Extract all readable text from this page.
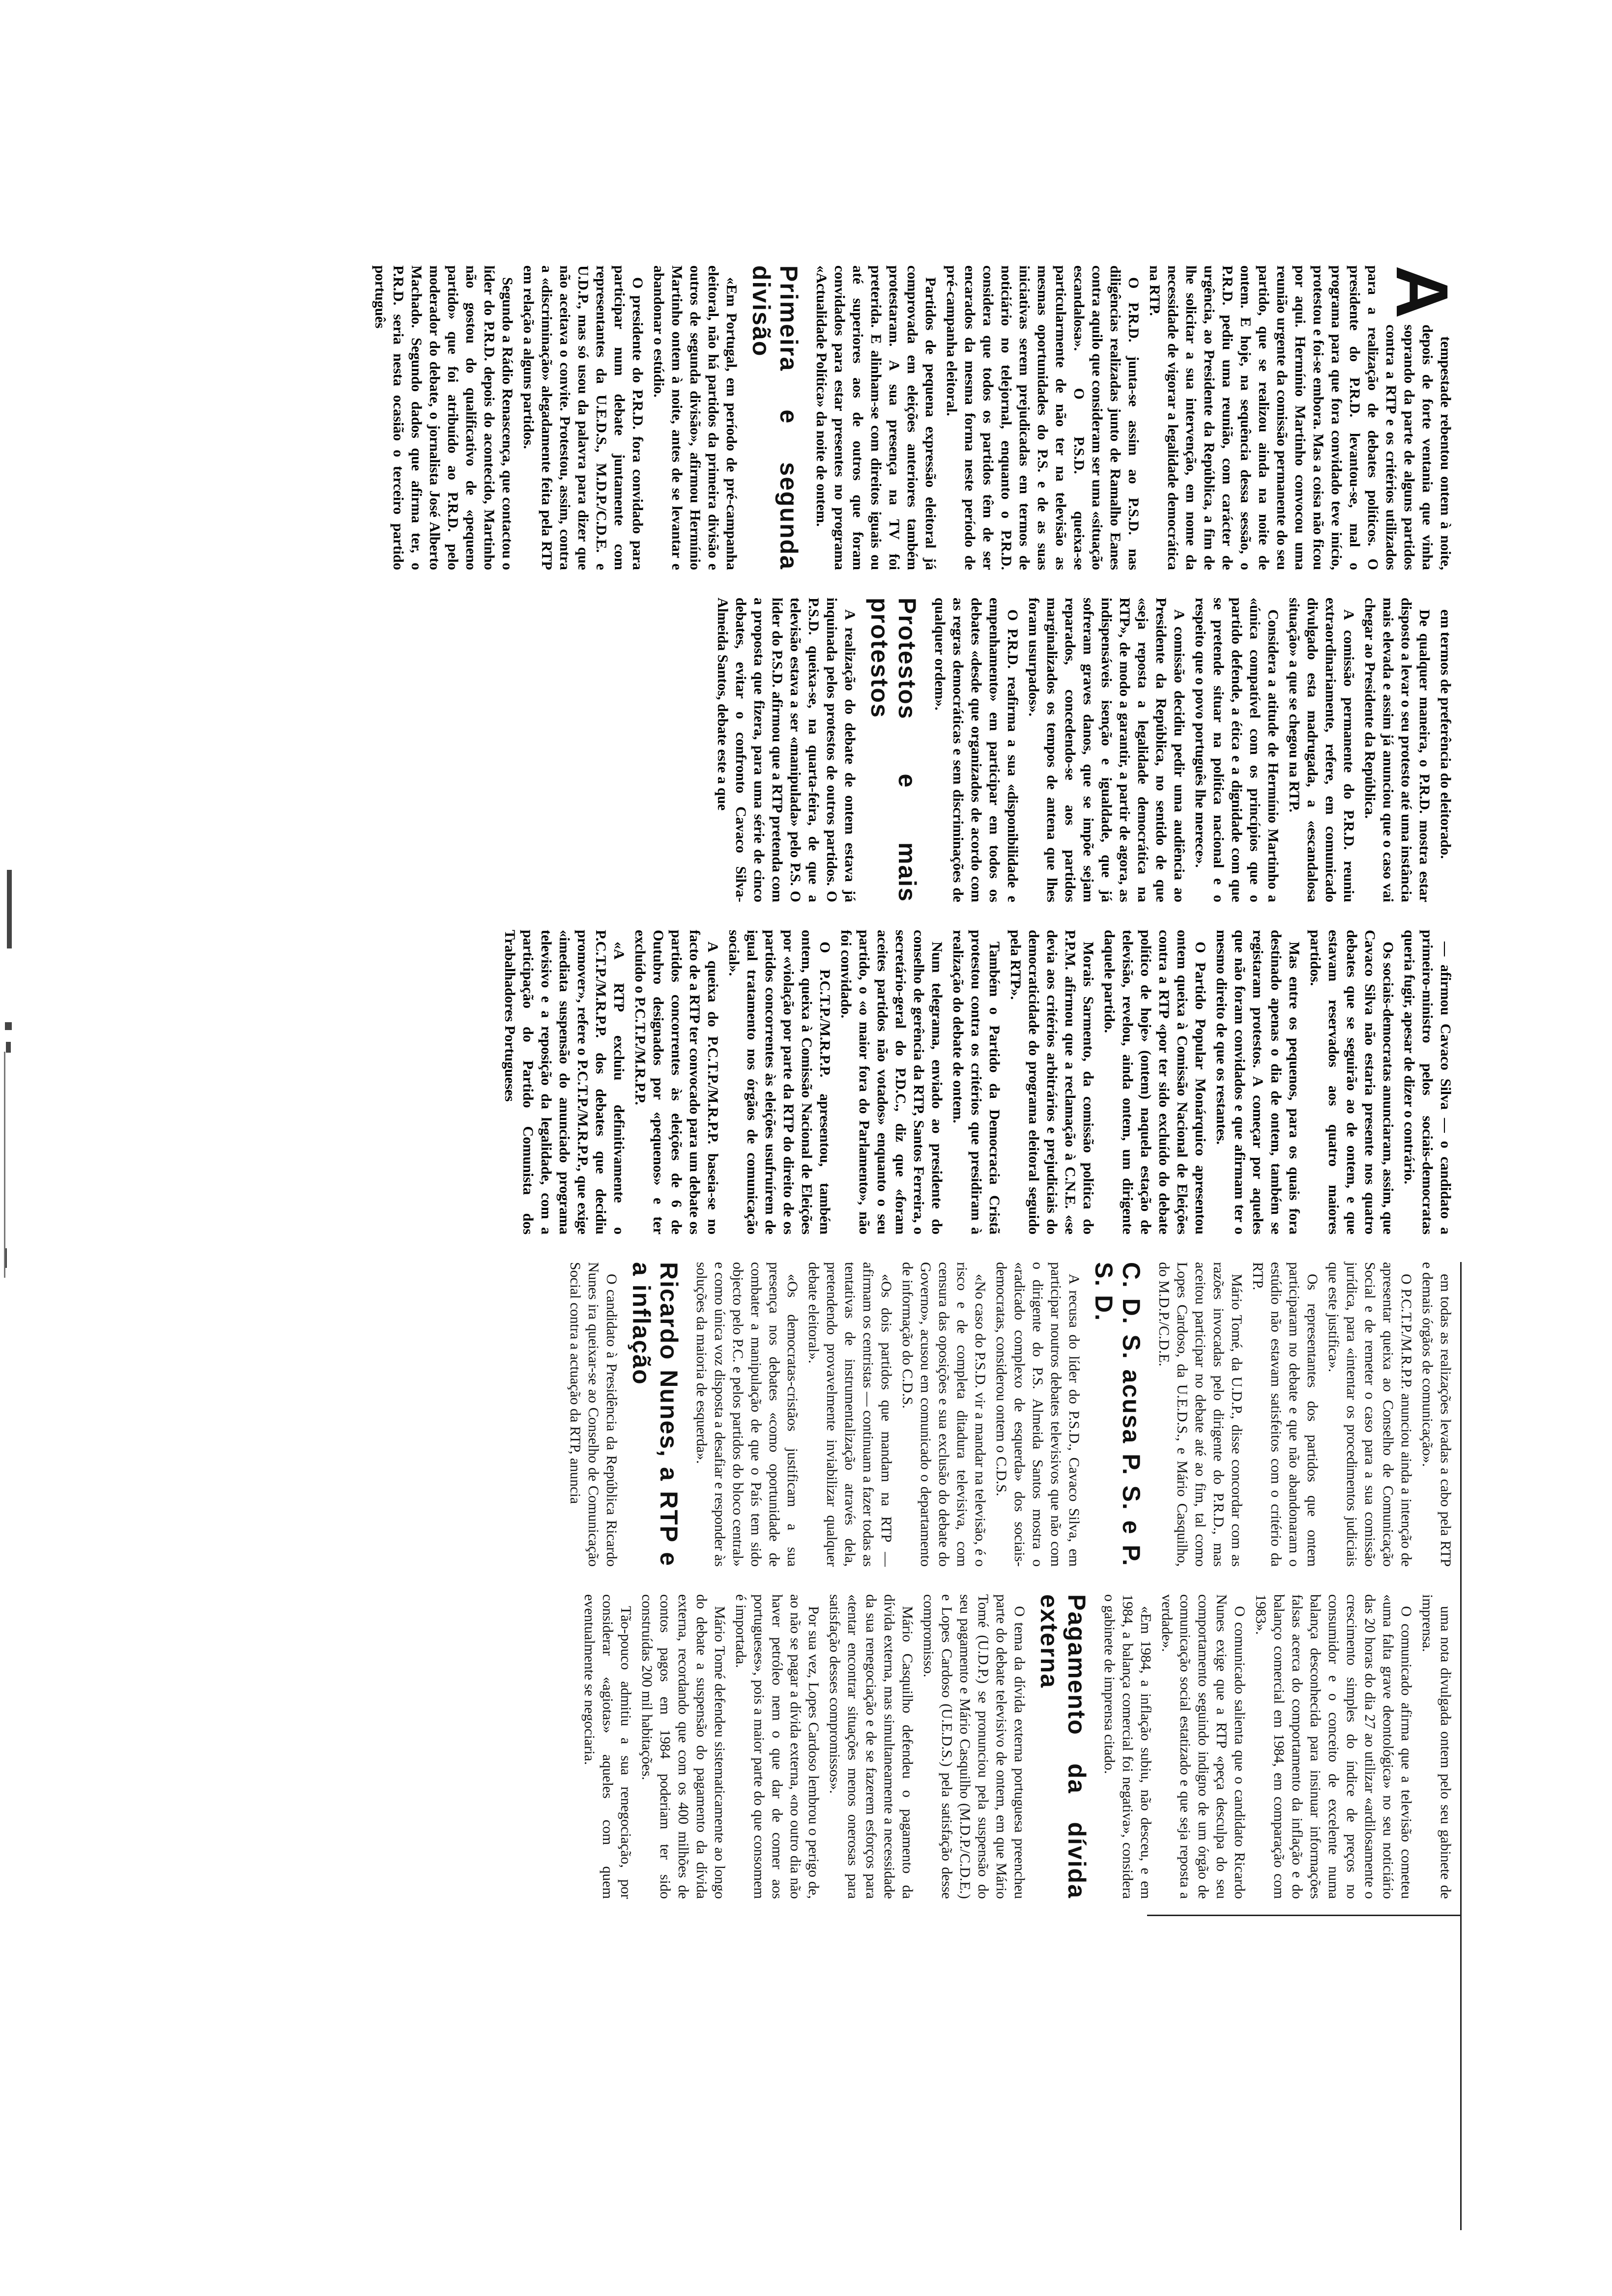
A

tempestade rebentou ontem à noite, depois de forte ventania que vinha soprando da parte de alguns partidos contra a RTP e os critérios utilizados para a realização de debates políticos. O presidente do P.R.D. levantou-se, mal o programa para que fora convidado teve início, protestou e foi-se embora. Mas a coisa não ficou por aqui. Hermínio Martinho convocou uma reunião urgente da comissão permanente do seu partido, que se realizou ainda na noite de ontem. E hoje, na sequência dessa sessão, o P.R.D. pediu uma reunião, com carácter de urgência, ao Presidente da República, a fim de lhe solicitar a sua intervenção, em nome da necessidade de vigorar a legalidade democrática na RTP.

O P.R.D. junta-se assim ao P.S.D. nas diligências realizadas junto de Ramalho Eanes contra aquilo que consideram ser uma «situação escandalosa». O P.S.D. queixa-se particularmente de não ter na televisão as mesmas oportunidades do P.S. e de as suas iniciativas serem prejudicadas em termos de noticiário no telejornal, enquanto o P.R.D. considera que todos os partidos têm de ser encarados da mesma forma neste período de pré-campanha eleitoral.

Partidos de pequena expressão eleitoral já comprovada em eleições anteriores também protestaram. A sua presença na TV foi preterida. E alinham-se com direitos iguais ou até superiores aos de outros que foram convidados para estar presentes no programa «Actualidade Política» da noite de ontem.

Primeira e segunda divisão

«Em Portugal, em período de pré-campanha eleitoral, não há partidos da primeira divisão e outros de segunda divisão», afirmou Hermínio Martinho ontem à noite, antes de se levantar e abandonar o estúdio.

O presidente do P.R.D. fora convidado para participar num debate juntamente com representantes da U.E.D.S., M.D.P./C.D.E. e U.D.P., mas só usou da palavra para dizer que não aceitava o convite. Protestou, assim, contra a «discriminação» alegadamente feita pela RTP em relação a alguns partidos.

Segundo a Rádio Renascença, que contactou o líder do P.R.D. depois do acontecido, Martinho não gostou do qualificativo de «pequeno partido» que foi atribuído ao P.R.D. pelo moderador do debate, o jornalista José Alberto Machado. Segundo dados que afirma ter, o P.R.D. seria nesta ocasião o terceiro partido português

em termos de preferência do eleitorado.

De qualquer maneira, o P.R.D. mostra estar disposto a levar o seu protesto até uma instância mais elevada e assim já anunciou que o caso vai chegar ao Presidente da República.

A comissão permanente do P.R.D. reuniu extraordinariamente, refere, em comunicado divulgado esta madrugada, a «escandalosa situação» a que se chegou na RTP.

Considera a atitude de Hermínio Martinho a «única compatível com os princípios que o partido defende, a ética e a dignidade com que se pretende situar na política nacional e o respeito que o povo português lhe merece».

A comissão decidiu pedir uma audiência ao Presidente da República, no sentido de que «seja reposta a legalidade democrática na RTP», de modo a garantir, a partir de agora, as indispensáveis isenção e igualdade, que já sofreram graves danos, que se impõe sejam reparados, concedendo-se aos partidos marginalizados os tempos de antena que lhes foram usurpados».

O P.R.D. reafirma a sua «disponibilidade e empenhamento» em participar em todos os debates «desde que organizados de acordo com as regras democráticas e sem discriminações de qualquer ordem».

Protestos e mais protestos

A realização do debate de ontem estava já inquinada pelos protestos de outros partidos. O P.S.D. queixa-se, na quarta-feira, de que a televisão estava a ser «manipulada» pelo P.S. O líder do P.S.D. afirmou que a RTP pretenda com a proposta que fizera, para uma série de cinco debates, evitar o confronto Cavaco Silva-Almeida Santos, debate este a que

— afirmou Cavaco Silva — o candidato a primeiro-ministro pelos sociais-democratas queria fugir, apesar de dizer o contrário.

Os sociais-democratas anunciaram, assim, que Cavaco Silva não estaria presente nos quatro debates que se seguirão ao de ontem, e que estavam reservados aos quatro maiores partidos.

Mas entre os pequenos, para os quais fora destinado apenas o dia de ontem, também se registaram protestos. A começar por aqueles que não foram convidados e que afirmam ter o mesmo direito de que os restantes.

O Partido Popular Monárquico apresentou ontem queixa à Comissão Nacional de Eleições contra a RTP «por ter sido excluído do debate político de hoje» (ontem) naquela estação de televisão, revelou, ainda ontem, um dirigente daquele partido.

Morais Sarmento, da comissão política do P.P.M. afirmou que a reclamação à C.N.E. «se devia aos critérios arbitrários e prejudiciais do democraticidade do programa eleitoral seguido pela RTP».

Também o Partido da Democracia Cristã protestou contra os critérios que presidiram à realização do debate de ontem.

Num telegrama, enviado ao presidente do conselho de gerência da RTP, Santos Ferreira, o secretário-geral do P.D.C., diz que «foram aceites partidos não votados» enquanto o seu partido, o «o maior fora do Parlamento», não foi convidado.

O P.C.T.P./M.R.P.P. apresentou, também ontem, queixa à Comissão Nacional de Eleições por «violação por parte da RTP do direito de os partidos concorrentes às eleições usufruírem de igual tratamento nos órgãos de comunicação social».

A queixa do P.C.T.P./M.R.P.P. baseia-se no facto de a RTP ter convocado para um debate os partidos concorrentes às eleições de 6 de Outubro designados por «pequenos» e ter excluído o P.C.T.P./M.R.P.P.

«A RTP excluiu definitivamente o P.C.T.P./M.R.P.P. dos debates que decidiu promover», refere o P.C.T.P./M.R.P.P., que exige «imediata suspensão do anunciado programa televisivo e a reposição da legalidade, com a participação do Partido Comunista dos Trabalhadores Portugueses

em todas as realizações levadas a cabo pela RTP e demais órgãos de comunicação».

O P.C.T.P./M.R.P.P. anunciou ainda a intenção de apresentar queixa ao Conselho de Comunicação Social e de remeter o caso para a sua comissão jurídica, para «intentar os procedimentos judiciais que este justifica».

Os representantes dos partidos que ontem participaram no debate e que não abandonaram o estúdio não estavam satisfeitos com o critério da RTP.

Mário Tomé, da U.D.P., disse concordar com as razões invocadas pelo dirigente do P.R.D., mas aceitou participar no debate até ao fim, tal como Lopes Cardoso, da U.E.D.S., e Mário Casquilho, do M.D.P./C.D.E.

C. D. S. acusa P. S. e P. S. D.

A recusa do líder do P.S.D., Cavaco Silva, em participar noutros debates televisivos que não com o dirigente do P.S. Almeida Santos mostra o «radicado complexo de esquerda» dos sociais-democratas, considerou ontem o C.D.S.

«No caso do P.S.D. vir a mandar na televisão, é o risco e de completa ditadura televisiva, com censura das oposições e sua exclusão do debate do Governo», acusou em comunicado o departamento de informação do C.D.S.

«Os dois partidos que mandam na RTP — afirmam os centristas — continuam a fazer todas as tentativas de instrumentalização através dela, pretendendo provavelmente inviabilizar qualquer debate eleitoral».

«Os democratas-cristãos justificam a sua presença nos debates «como oportunidade de combater a manipulação de que o País tem sido objecto pelo P.C. e pelos partidos do bloco central» e como única voz disposta a desafiar e responder às soluções da maioria de esquerda».

Ricardo Nunes, a RTP e a inflação

O candidato à Presidência da República Ricardo Nunes ira queixar-se ao Conselho de Comunicação Social contra a actuação da RTP, anuncia

uma nota divulgada ontem pelo seu gabinete de imprensa.

O comunicado afirma que a televisão cometeu «uma falta grave deontológica» no seu noticiário das 20 horas do dia 27 ao utilizar «ardilosamente o crescimento simples do índice de preços no consumidor e o conceito de excelente numa balança desconhecida para insinuar informações falsas acerca do comportamento da inflação e do balanço comercial em 1984, em comparação com 1983».

O comunicado salienta que o candidato Ricardo Nunes exige que a RTP «peça desculpa do seu comportamento seguindo indigno de um órgão de comunicação social estatizado e que seja reposta a verdade».

«Em 1984, a inflação subiu, não desceu, e em 1984, a balança comercial foi negativa», considera o gabinete de imprensa citado.

Pagamento da dívida externa

O tema da dívida externa portuguesa preencheu parte do debate televisivo de ontem, em que Mário Tomé (U.D.P.) se pronunciou pela suspensão do seu pagamento e Mário Casquilho (M.D.P./C.D.E.) e Lopes Cardoso (U.E.D.S.) pela satisfação desse compromisso.

Mário Casquilho defendeu o pagamento da dívida externa, mas simultaneamente a necessidade da sua renegociação e de se fazerem esforços para «tentar encontrar situações menos onerosas para satisfação desses compromissos».

Por sua vez, Lopes Cardoso lembrou o perigo de, ao não se pagar a dívida externa, «no outro dia não haver petróleo nem o que dar de comer aos portugueses», pois a maior parte do que consomem é importada.

Mário Tomé defendeu sistematicamente ao longo do debate a suspensão do pagamento da dívida externa, recordando que com os 400 milhões de contos pagos em 1984 poderiam ter sido construídas 200 mil habitações.

Tão-pouco admitiu a sua renegociação, por considerar «agiotas» aqueles com quem eventualmente se negociaria.
